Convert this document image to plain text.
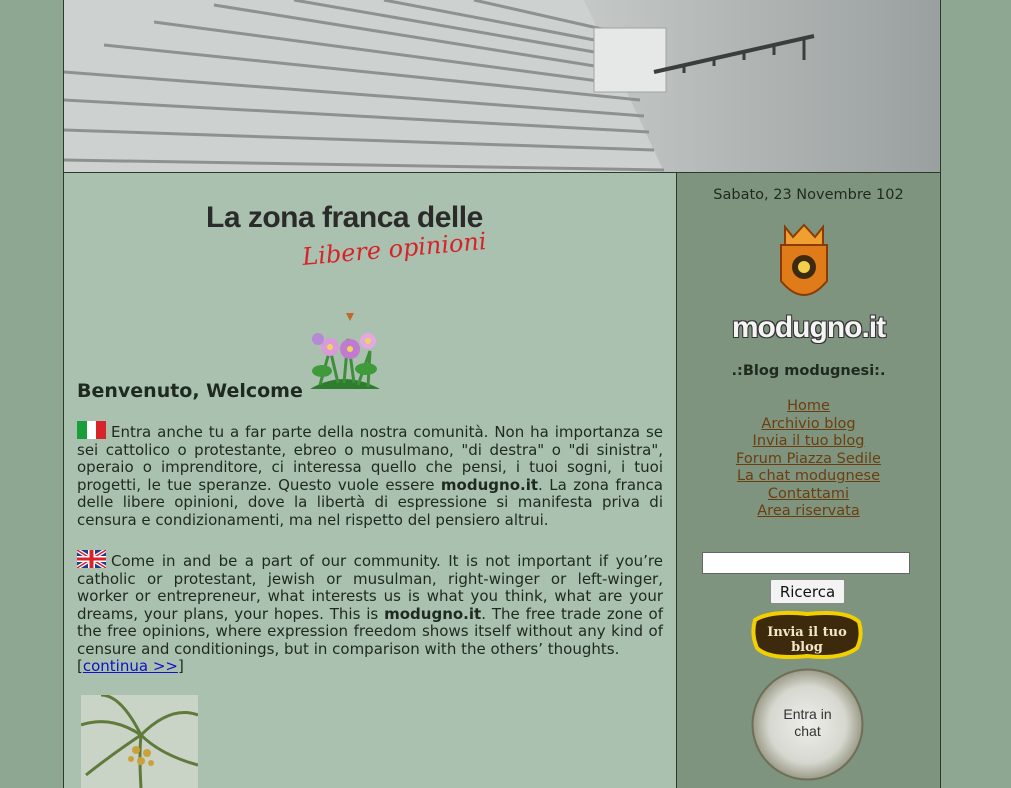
La zona franca delle
Libere opinioni
Benvenuto, Welcome
Entra anche tu a far parte della nostra comunità. Non ha importanza se sei cattolico o protestante, ebreo o musulmano, "di destra" o "di sinistra", operaio o imprenditore, ci interessa quello che pensi, i tuoi sogni, i tuoi progetti, le tue speranze. Questo vuole essere modugno.it. La zona franca delle libere opinioni, dove la libertà di espressione si manifesta priva di censura e condizionamenti, ma nel rispetto del pensiero altrui.
Come in and be a part of our community. It is not important if you’re catholic or protestant, jewish or musulman, right-winger or left-winger, worker or entrepreneur, what interests us is what you think, what are your dreams, your plans, your hopes. This is modugno.it. The free trade zone of the free opinions, where expression freedom shows itself without any kind of censure and conditionings, but in comparison with the others’ thoughts.
[continua >>]
Sabato, 23 Novembre 102
modugno.it
.:Blog modugnesi:.
Home
Archivio blog
Invia il tuo blog
Forum Piazza Sedile
La chat modugnese
Contattami
Area riservata
Ricerca
Invia il tuo blog
Entra in
chat
